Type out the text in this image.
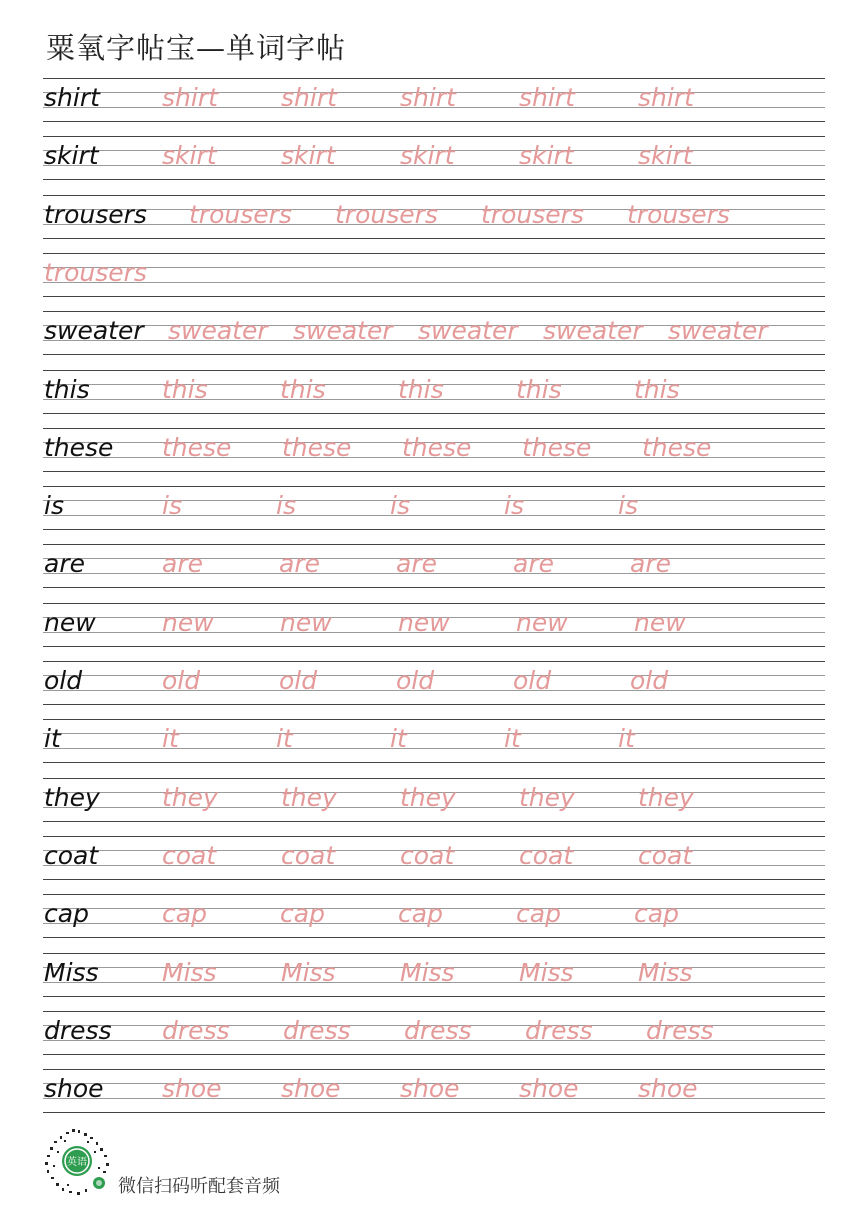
粟氧字帖宝—单词字帖
shirt shirt	shirt	shirt	shirt	shirt
skirt	skirt	skirt	skirt	skirt	skirt
trousers trousers trousers trousers trousers
trousers
sweater sweater sweater sweater sweater sweater
this	this	this	this	this	this
these these these these these these
is	is	is	is	is	is
are	are	are	are	are	are
new	new	new	new	new	new
old	old	old	old	old	old
it	it	it	it	it	it
they they	they	they	they	they
coat	coat	coat	coat	coat	coat
cap	cap	cap	cap	cap	cap
Miss	Miss	Miss	Miss	Miss	Miss
dress dress dress dress dress dress
shoe shoe shoe shoe shoe shoe
英语
微信扫码听配套音频
